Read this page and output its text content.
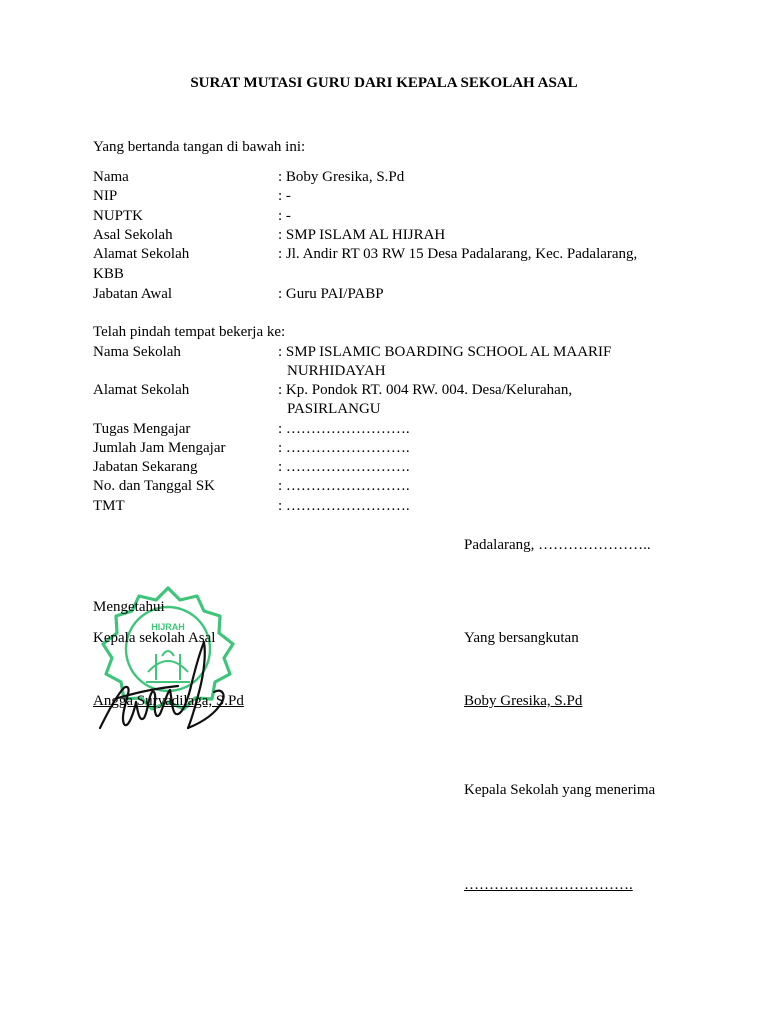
SURAT MUTASI GURU DARI KEPALA SEKOLAH ASAL
Yang bertanda tangan di bawah ini:
Nama	: Boby Gresika, S.Pd
NIP	: -
NUPTK	: -
Asal Sekolah	: SMP ISLAM AL HIJRAH
Alamat Sekolah	: Jl. Andir RT 03 RW 15 Desa Padalarang, Kec. Padalarang,
KBB
Jabatan Awal	: Guru PAI/PABP
Telah pindah tempat bekerja ke:
Nama Sekolah	: SMP ISLAMIC BOARDING SCHOOL AL MAARIF
NURHIDAYAH
Alamat Sekolah	: Kp. Pondok RT. 004 RW. 004. Desa/Kelurahan,
PASIRLANGU
Tugas Mengajar	: …………………….
Jumlah Jam Mengajar	: …………………….
Jabatan Sekarang	: …………………….
No. dan Tanggal SK	: …………………….
TMT	: …………………….
Padalarang, …………………..
HIJRAH
Mengetahui
Kepala sekolah Asal	Yang bersangkutan
Angga Suryadilaga, S.Pd	Boby Gresika, S.Pd
Kepala Sekolah yang menerima
…………………………….
